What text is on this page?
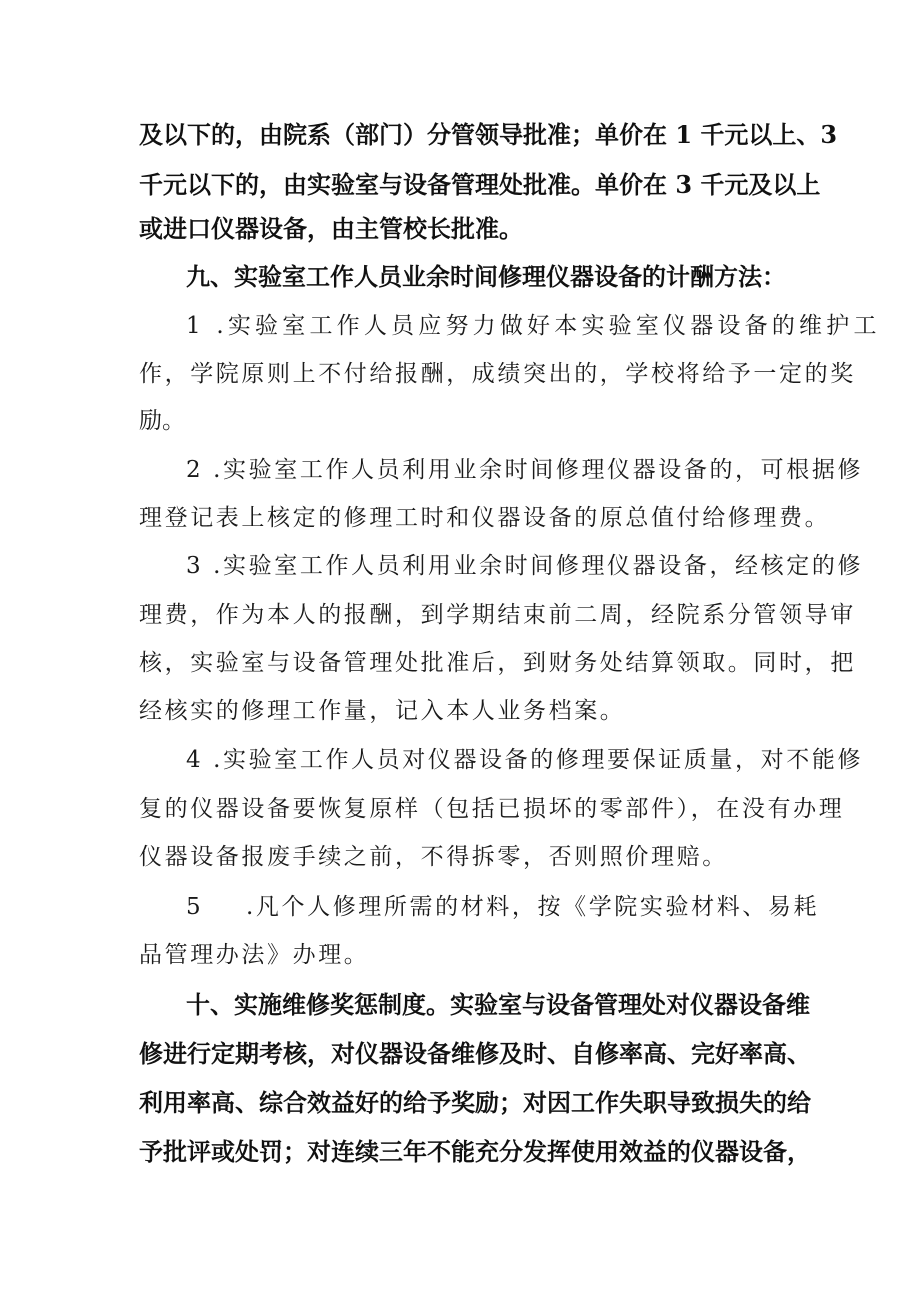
及以下的，由院系（部门）分管领导批准；单价在 1 千元以上、3
千元以下的，由实验室与设备管理处批准。单价在 3 千元及以上
或进口仪器设备，由主管校长批准。
九、实验室工作人员业余时间修理仪器设备的计酬方法：
1 .实验室工作人员应努力做好本实验室仪器设备的维护工
作，学院原则上不付给报酬，成绩突出的，学校将给予一定的奖
励。
2 .实验室工作人员利用业余时间修理仪器设备的，可根据修
理登记表上核定的修理工时和仪器设备的原总值付给修理费。
3 .实验室工作人员利用业余时间修理仪器设备，经核定的修
理费，作为本人的报酬，到学期结束前二周，经院系分管领导审
核，实验室与设备管理处批准后，到财务处结算领取。同时，把
经核实的修理工作量，记入本人业务档案。
4 .实验室工作人员对仪器设备的修理要保证质量，对不能修
复的仪器设备要恢复原样（包括已损坏的零部件），在没有办理
仪器设备报废手续之前，不得拆零，否则照价理赔。
5 .凡个人修理所需的材料，按《学院实验材料、易耗
品管理办法》办理。
十、实施维修奖惩制度。实验室与设备管理处对仪器设备维
修进行定期考核，对仪器设备维修及时、自修率高、完好率高、
利用率高、综合效益好的给予奖励；对因工作失职导致损失的给
予批评或处罚；对连续三年不能充分发挥使用效益的仪器设备，
